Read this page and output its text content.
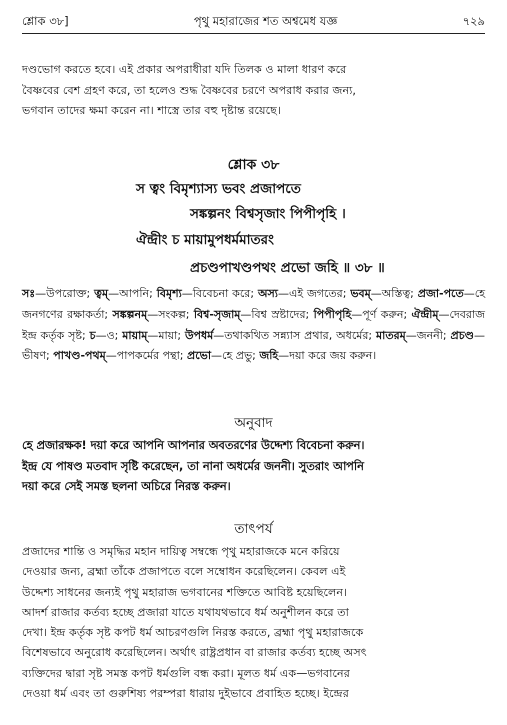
শ্লোক ৩৮]	পৃথু মহারাজের শত অশ্বমেধ যজ্ঞ	৭২৯
দণ্ডভোগ করতে হবে। এই প্রকার অপরাধীরা যদি তিলক ও মালা ধারণ করে
বৈষ্ণবের বেশ গ্রহণ করে, তা হলেও শুদ্ধ বৈষ্ণবের চরণে অপরাধ করার জন্য,
ভগবান তাদের ক্ষমা করেন না। শাস্ত্রে তার বহু দৃষ্টান্ত রয়েছে।
শ্লোক ৩৮
স ত্বং বিমৃশ্যাস্য ভবং প্রজাপতে
সঙ্কল্পনং বিশ্বসৃজাং পিপীপৃহি ।
ঐন্দ্রীং চ মায়ামুপধর্মমাতরং
সঃ—উপরোক্ত; ত্বম্—আপনি; বিমৃশ্য—বিবেচনা করে; অস্য—এই জগতের; ভবম্—অস্তিত্ব; প্রজা-পতে—হে জনগণের রক্ষাকর্তা; সঙ্কল্পনম্—সংকল্প; বিশ্ব-সৃজাম্—বিশ্ব স্রষ্টাদের; পিপীপৃহি—পূর্ণ করুন; ঐন্দ্রীম্—দেবরাজ ইন্দ্র কর্তৃক সৃষ্ট; চ—ও; মায়াম্—মায়া; উপধর্ম—তথাকথিত সন্ন্যাস প্রথার, অধর্মের; মাতরম্—জননী; প্রচণ্ড—ভীষণ; পাখণ্ড-পথম্—পাপকর্মের পন্থা; প্রভো—হে প্রভু; জহি—দয়া করে জয় করুন।
প্রচণ্ডপাখণ্ডপথং প্রভো জহি ॥ ৩৮ ॥
অনুবাদ
হে প্রজারক্ষক! দয়া করে আপনি আপনার অবতরণের উদ্দেশ্য বিবেচনা করুন।
ইন্দ্র যে পাষণ্ড মতবাদ সৃষ্টি করেছেন, তা নানা অধর্মের জননী। সুতরাং আপনি
দয়া করে সেই সমস্ত ছলনা অচিরে নিরস্ত করুন।
তাৎপর্য
প্রজাদের শান্তি ও সমৃদ্ধির মহান দায়িত্ব সম্বন্ধে পৃথু মহারাজকে মনে করিয়ে
দেওয়ার জন্য, ব্রহ্মা তাঁকে প্রজাপতে বলে সম্বোধন করেছিলেন। কেবল এই
উদ্দেশ্য সাধনের জন্যই পৃথু মহারাজ ভগবানের শক্তিতে আবিষ্ট হয়েছিলেন।
আদর্শ রাজার কর্তব্য হচ্ছে প্রজারা যাতে যথাযথভাবে ধর্ম অনুশীলন করে তা
দেখা। ইন্দ্র কর্তৃক সৃষ্ট কপট ধর্ম আচরণগুলি নিরস্ত করতে, ব্রহ্মা পৃথু মহারাজকে
বিশেষভাবে অনুরোধ করেছিলেন। অর্থাৎ রাষ্ট্রপ্রধান বা রাজার কর্তব্য হচ্ছে অসৎ
ব্যক্তিদের দ্বারা সৃষ্ট সমস্ত কপট ধর্মগুলি বন্ধ করা। মূলত ধর্ম এক—ভগবানের
দেওয়া ধর্ম এবং তা গুরুশিষ্য পরম্পরা ধারায় দুইভাবে প্রবাহিত হচ্ছে। ইন্দ্রের
